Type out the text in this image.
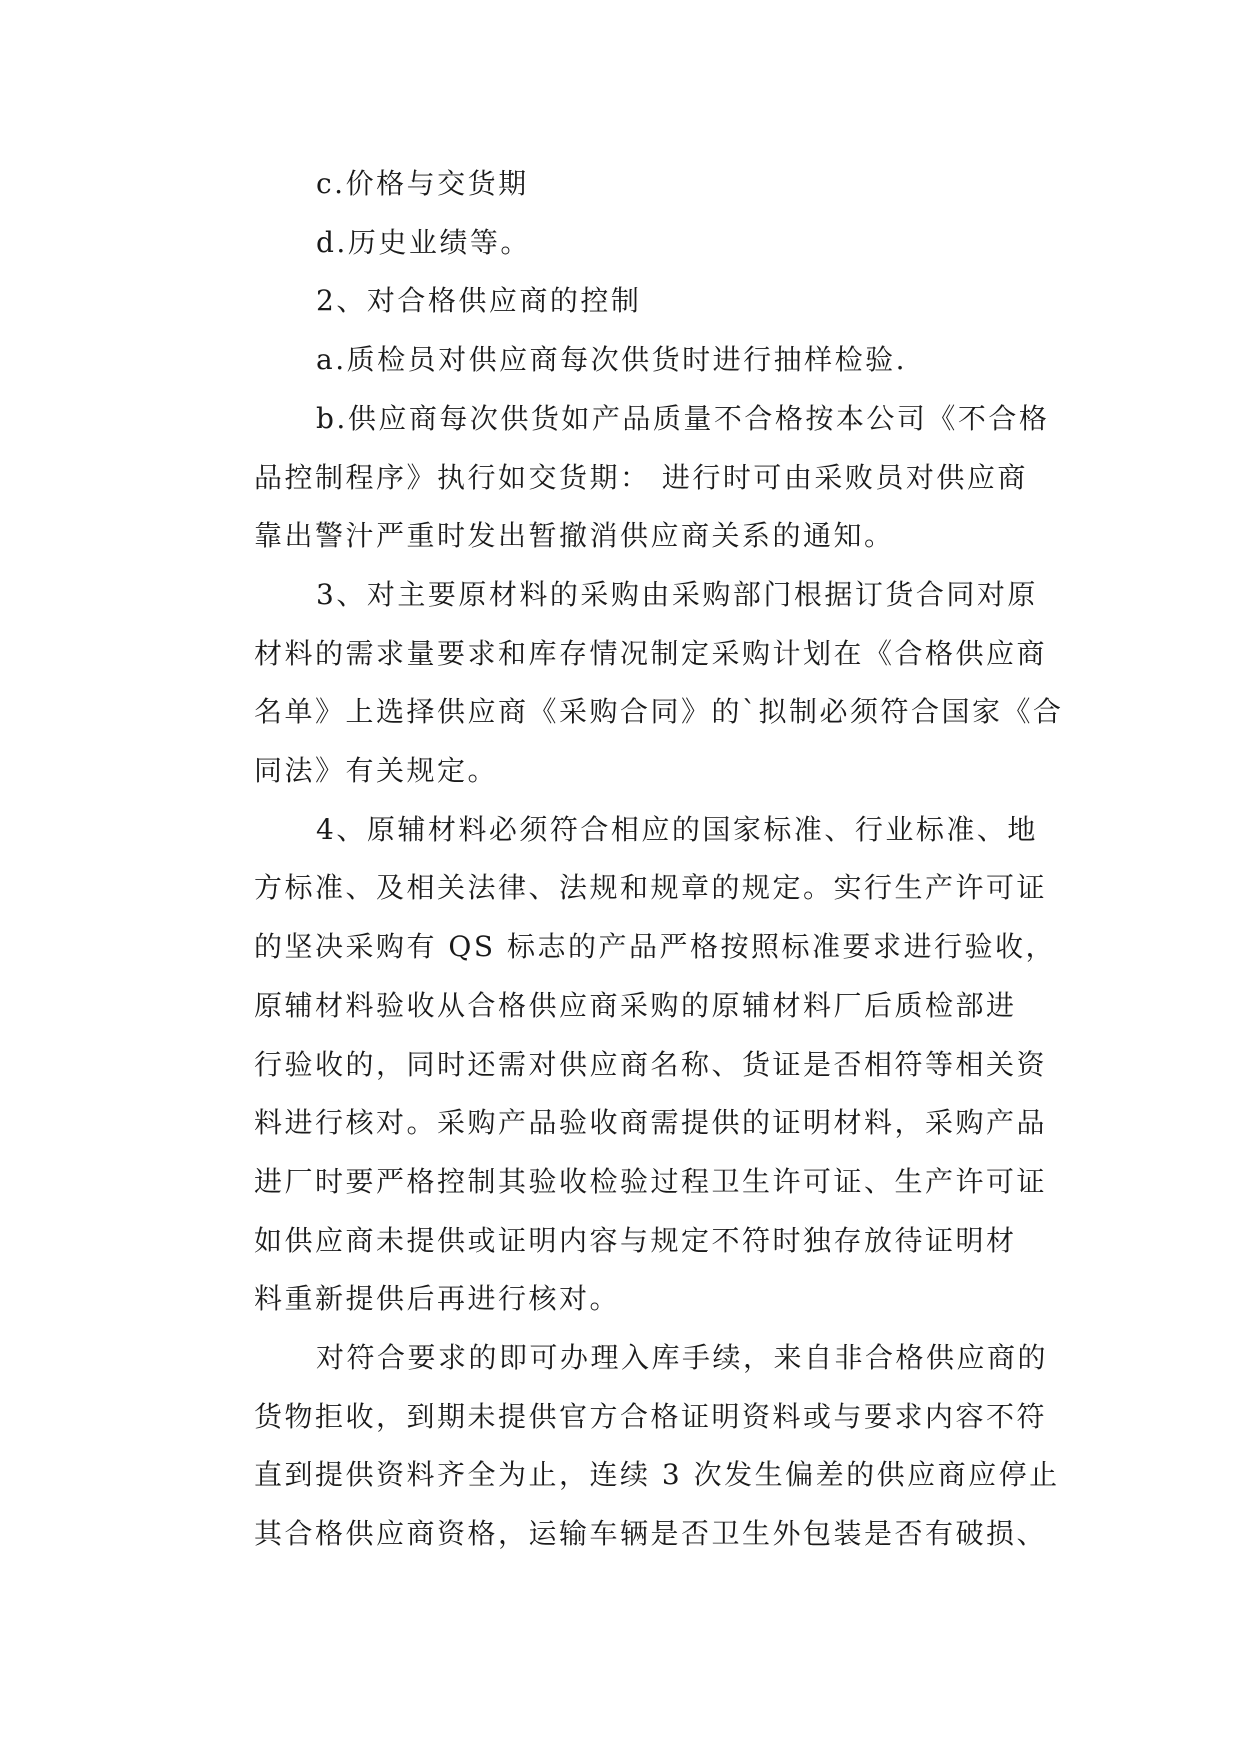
c.价格与交货期
d.历史业绩等。
2、对合格供应商的控制
a.质检员对供应商每次供货时进行抽样检验.
b.供应商每次供货如产品质量不合格按本公司《不合格
品控制程序》执行如交货期： 进行时可由采败员对供应商
靠出警汁严重时发出暂撤消供应商关系的通知。
3、对主要原材料的采购由采购部门根据订货合同对原
材料的需求量要求和库存情况制定采购计划在《合格供应商
名单》上选择供应商《采购合同》的`拟制必须符合国家《合
同法》有关规定。
4、原辅材料必须符合相应的国家标准、行业标准、地
方标准、及相关法律、法规和规章的规定。实行生产许可证
的坚决采购有 QS 标志的产品严格按照标准要求进行验收，
原辅材料验收从合格供应商采购的原辅材料厂后质检部进
行验收的，同时还需对供应商名称、货证是否相符等相关资
料进行核对。采购产品验收商需提供的证明材料，采购产品
进厂时要严格控制其验收检验过程卫生许可证、生产许可证
如供应商未提供或证明内容与规定不符时独存放待证明材
料重新提供后再进行核对。
对符合要求的即可办理入库手续，来自非合格供应商的
货物拒收，到期未提供官方合格证明资料或与要求内容不符
直到提供资料齐全为止，连续 3 次发生偏差的供应商应停止
其合格供应商资格，运输车辆是否卫生外包装是否有破损、
